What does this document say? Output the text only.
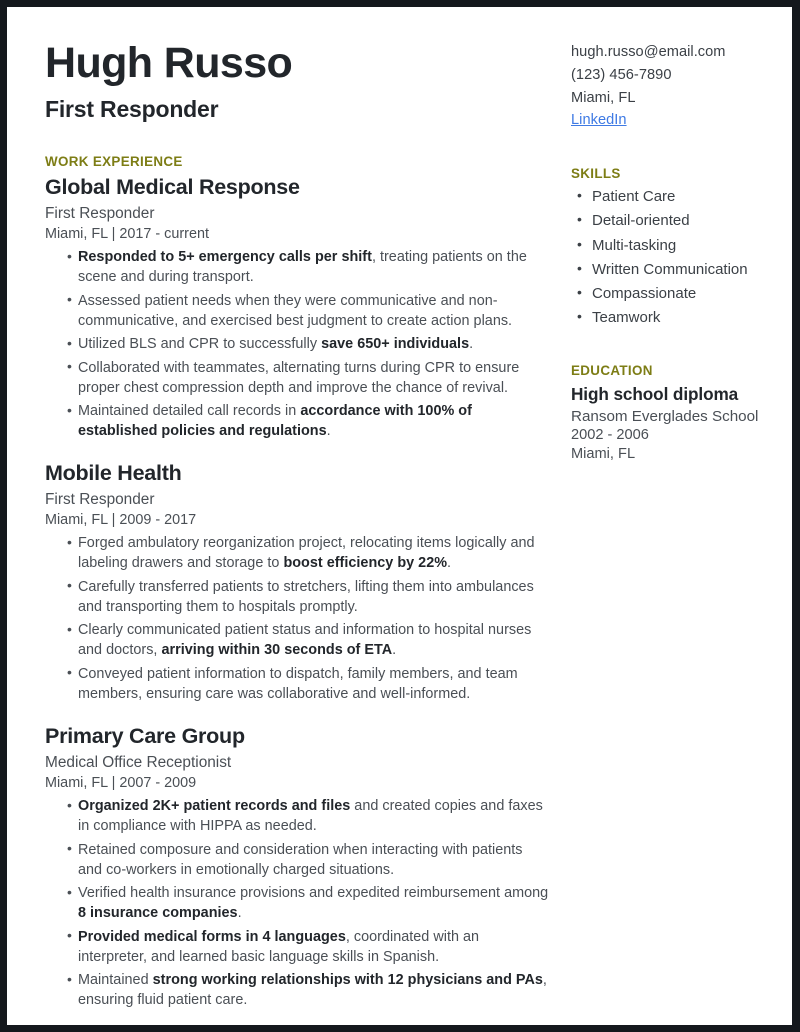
Hugh Russo
First Responder
WORK EXPERIENCE
Global Medical Response
First Responder
Miami, FL | 2017 - current
• Responded to 5+ emergency calls per shift, treating patients on the scene and during transport.
• Assessed patient needs when they were communicative and non-communicative, and exercised best judgment to create action plans.
• Utilized BLS and CPR to successfully save 650+ individuals.
• Collaborated with teammates, alternating turns during CPR to ensure proper chest compression depth and improve the chance of revival.
• Maintained detailed call records in accordance with 100% of established policies and regulations.
Mobile Health
First Responder
Miami, FL | 2009 - 2017
• Forged ambulatory reorganization project, relocating items logically and labeling drawers and storage to boost efficiency by 22%.
• Carefully transferred patients to stretchers, lifting them into ambulances and transporting them to hospitals promptly.
• Clearly communicated patient status and information to hospital nurses and doctors, arriving within 30 seconds of ETA.
• Conveyed patient information to dispatch, family members, and team members, ensuring care was collaborative and well-informed.
Primary Care Group
Medical Office Receptionist
Miami, FL | 2007 - 2009
• Organized 2K+ patient records and files and created copies and faxes in compliance with HIPPA as needed.
• Retained composure and consideration when interacting with patients and co-workers in emotionally charged situations.
• Verified health insurance provisions and expedited reimbursement among 8 insurance companies.
• Provided medical forms in 4 languages, coordinated with an interpreter, and learned basic language skills in Spanish.
• Maintained strong working relationships with 12 physicians and PAs, ensuring fluid patient care.
hugh.russo@email.com
(123) 456-7890
Miami, FL
LinkedIn
SKILLS
• Patient Care
• Detail-oriented
• Multi-tasking
• Written Communication
• Compassionate
• Teamwork
EDUCATION
High school diploma
Ransom Everglades School
2002 - 2006
Miami, FL
